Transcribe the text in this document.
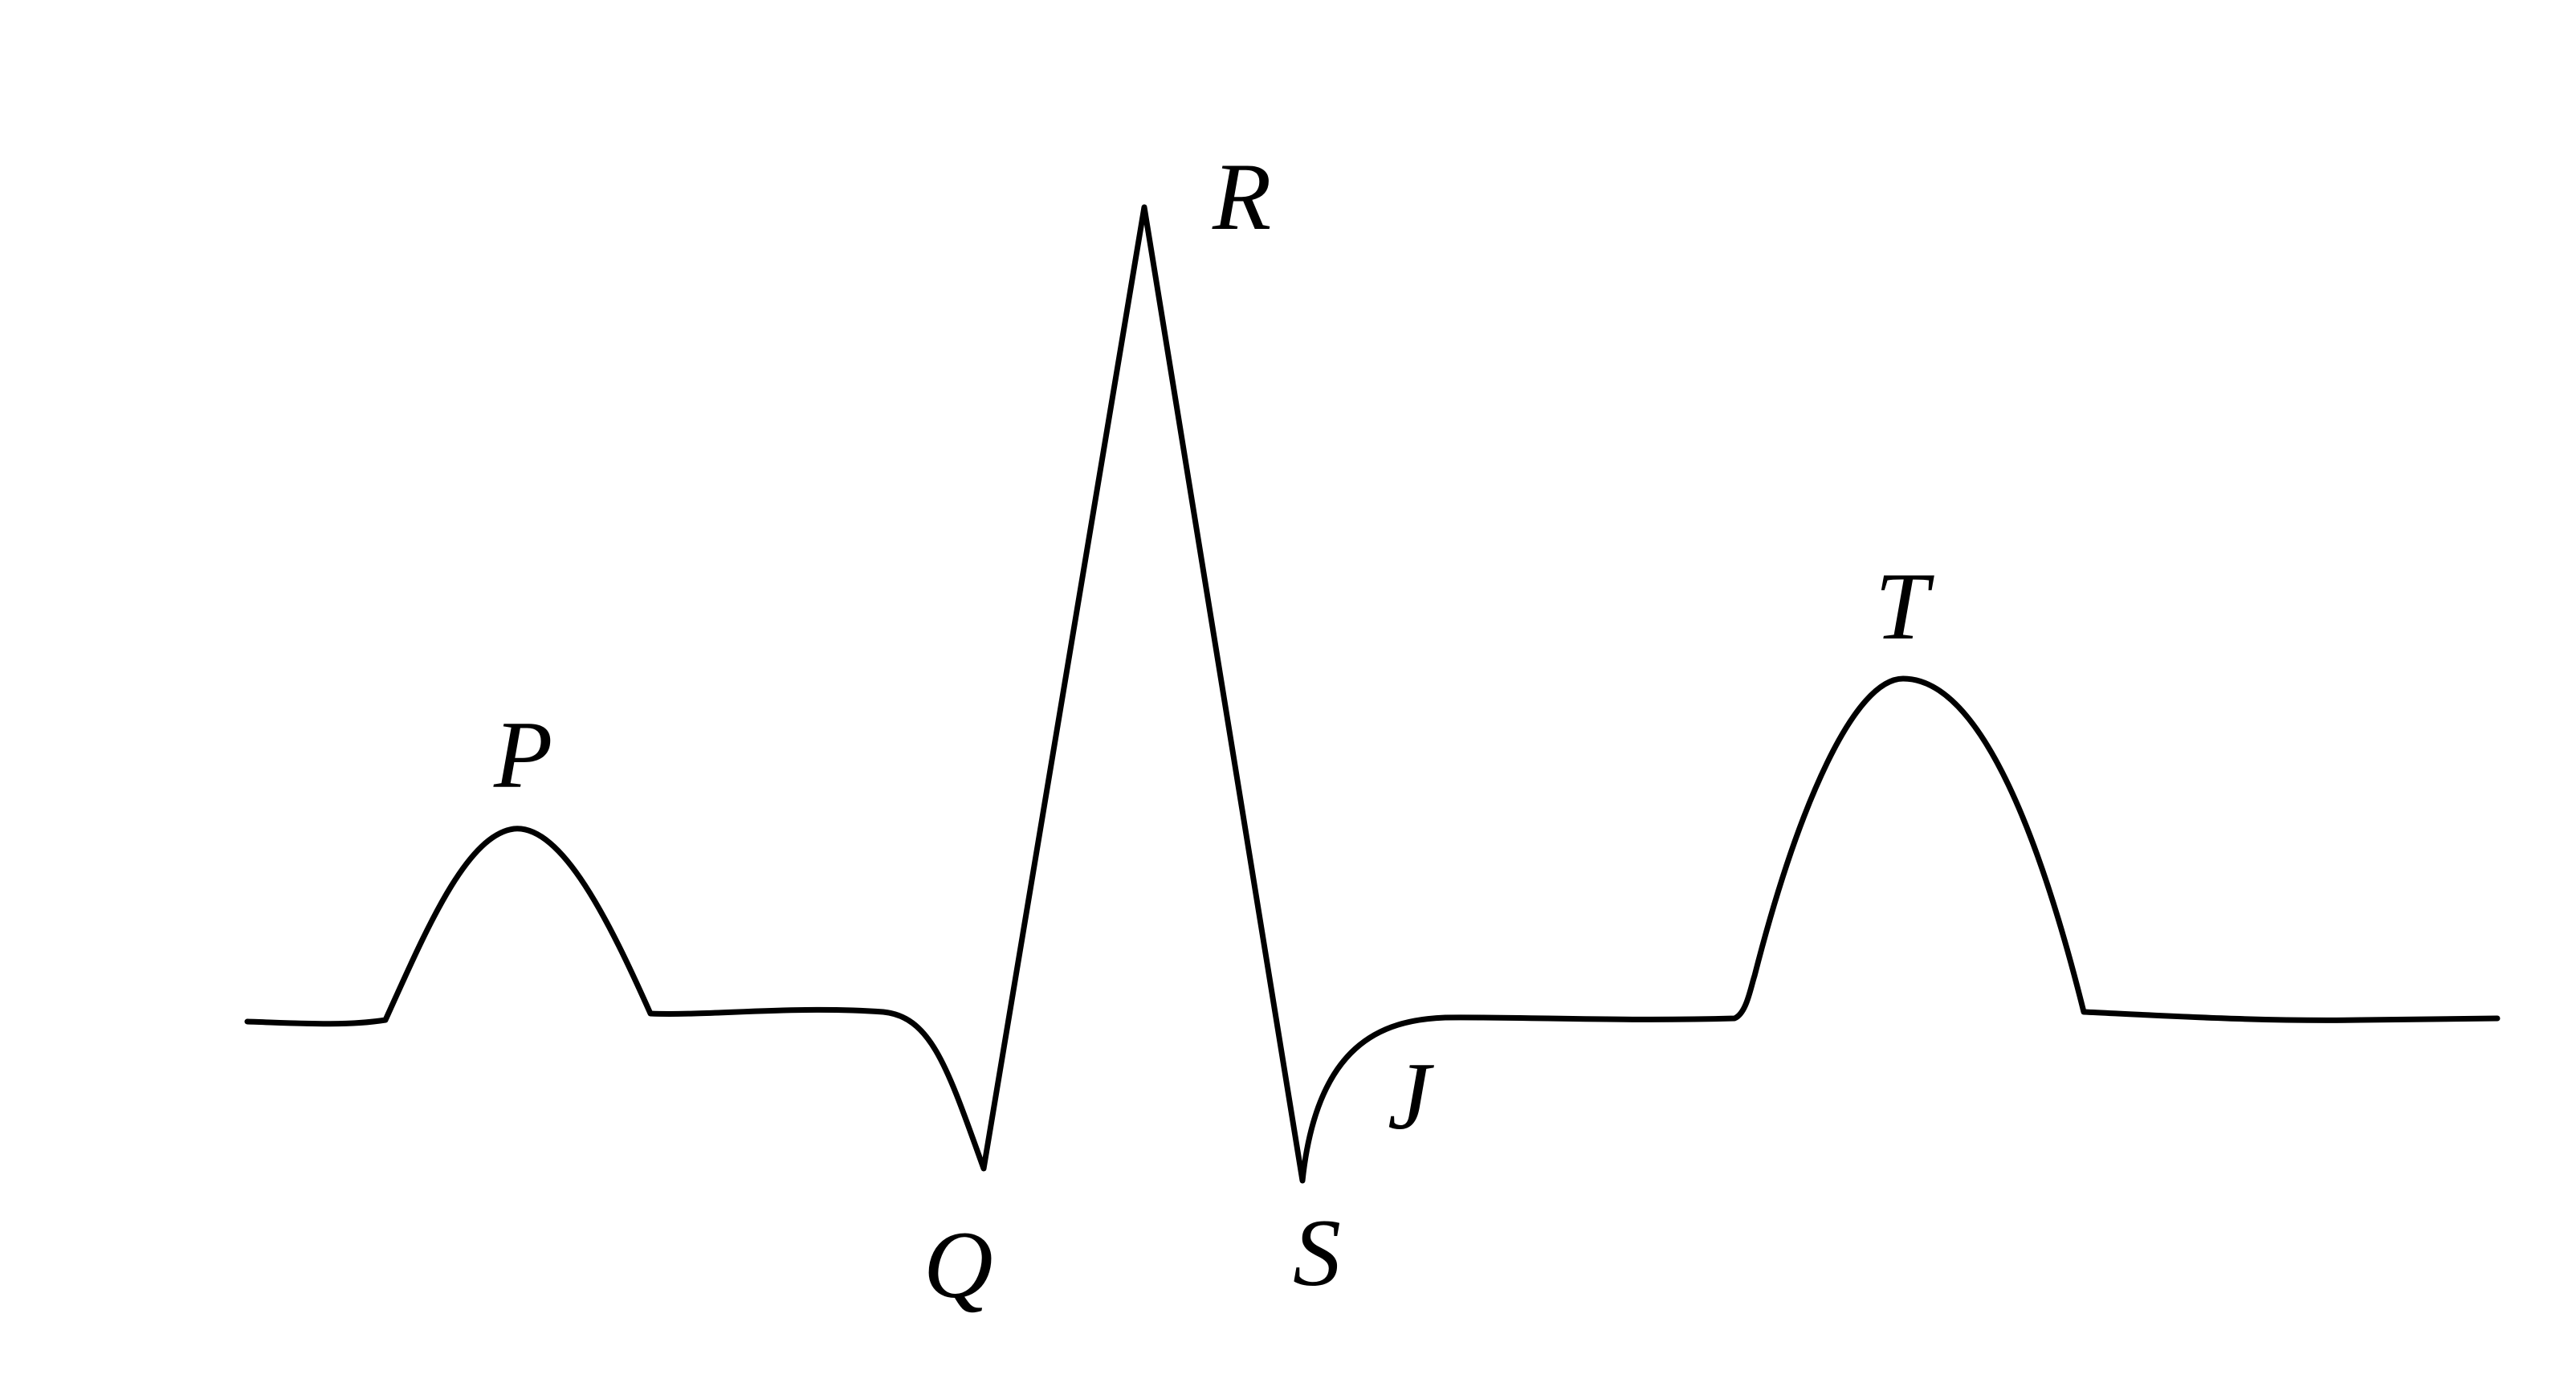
P
Q
R
S
J
T
